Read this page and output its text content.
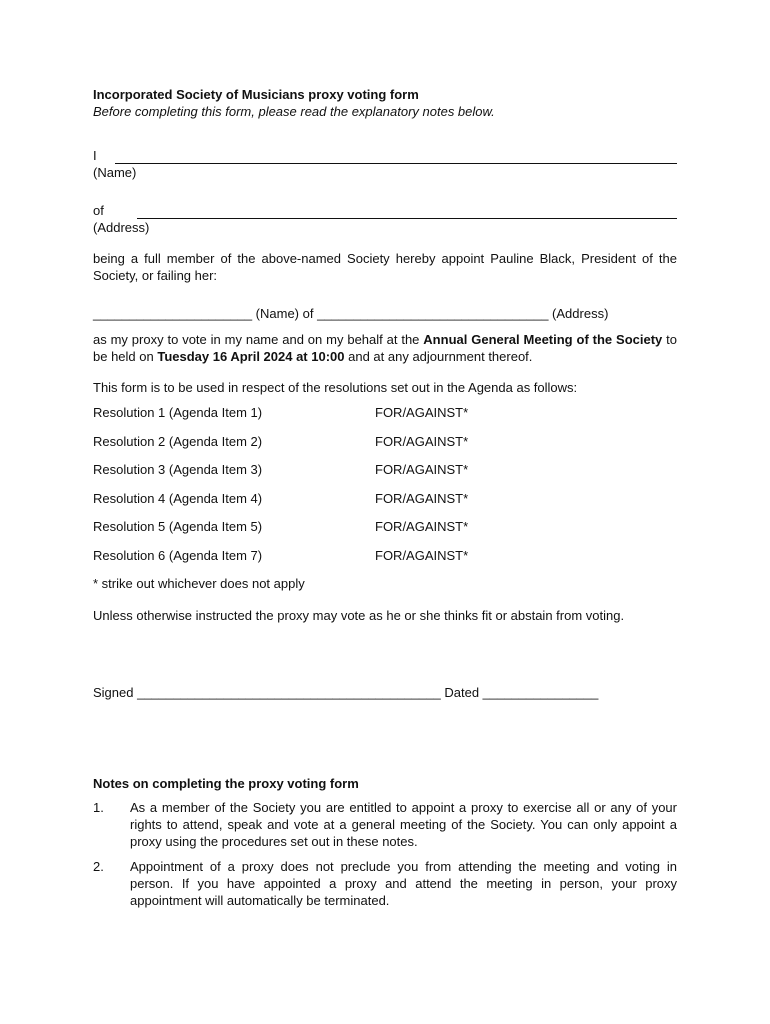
Incorporated Society of Musicians proxy voting form

Before completing this form, please read the explanatory notes below.

I

(Name)

of

(Address)

being a full member of the above-named Society hereby appoint Pauline Black, President of the Society, or failing her:

______________________ (Name) of ________________________________ (Address)

as my proxy to vote in my name and on my behalf at the Annual General Meeting of the Society to be held on Tuesday 16 April 2024 at 10:00 and at any adjournment thereof.

This form is to be used in respect of the resolutions set out in the Agenda as follows:

Resolution 1 (Agenda Item 1)	FOR/AGAINST*
Resolution 2 (Agenda Item 2)	FOR/AGAINST*
Resolution 3 (Agenda Item 3)	FOR/AGAINST*
Resolution 4 (Agenda Item 4)	FOR/AGAINST*
Resolution 5 (Agenda Item 5)	FOR/AGAINST*
Resolution 6 (Agenda Item 7)	FOR/AGAINST*

* strike out whichever does not apply

Unless otherwise instructed the proxy may vote as he or she thinks fit or abstain from voting.

Signed __________________________________________ Dated ________________

Notes on completing the proxy voting form

1.	As a member of the Society you are entitled to appoint a proxy to exercise all or any of your rights to attend, speak and vote at a general meeting of the Society. You can only appoint a proxy using the procedures set out in these notes.
2.	Appointment of a proxy does not preclude you from attending the meeting and voting in person. If you have appointed a proxy and attend the meeting in person, your proxy appointment will automatically be terminated.
